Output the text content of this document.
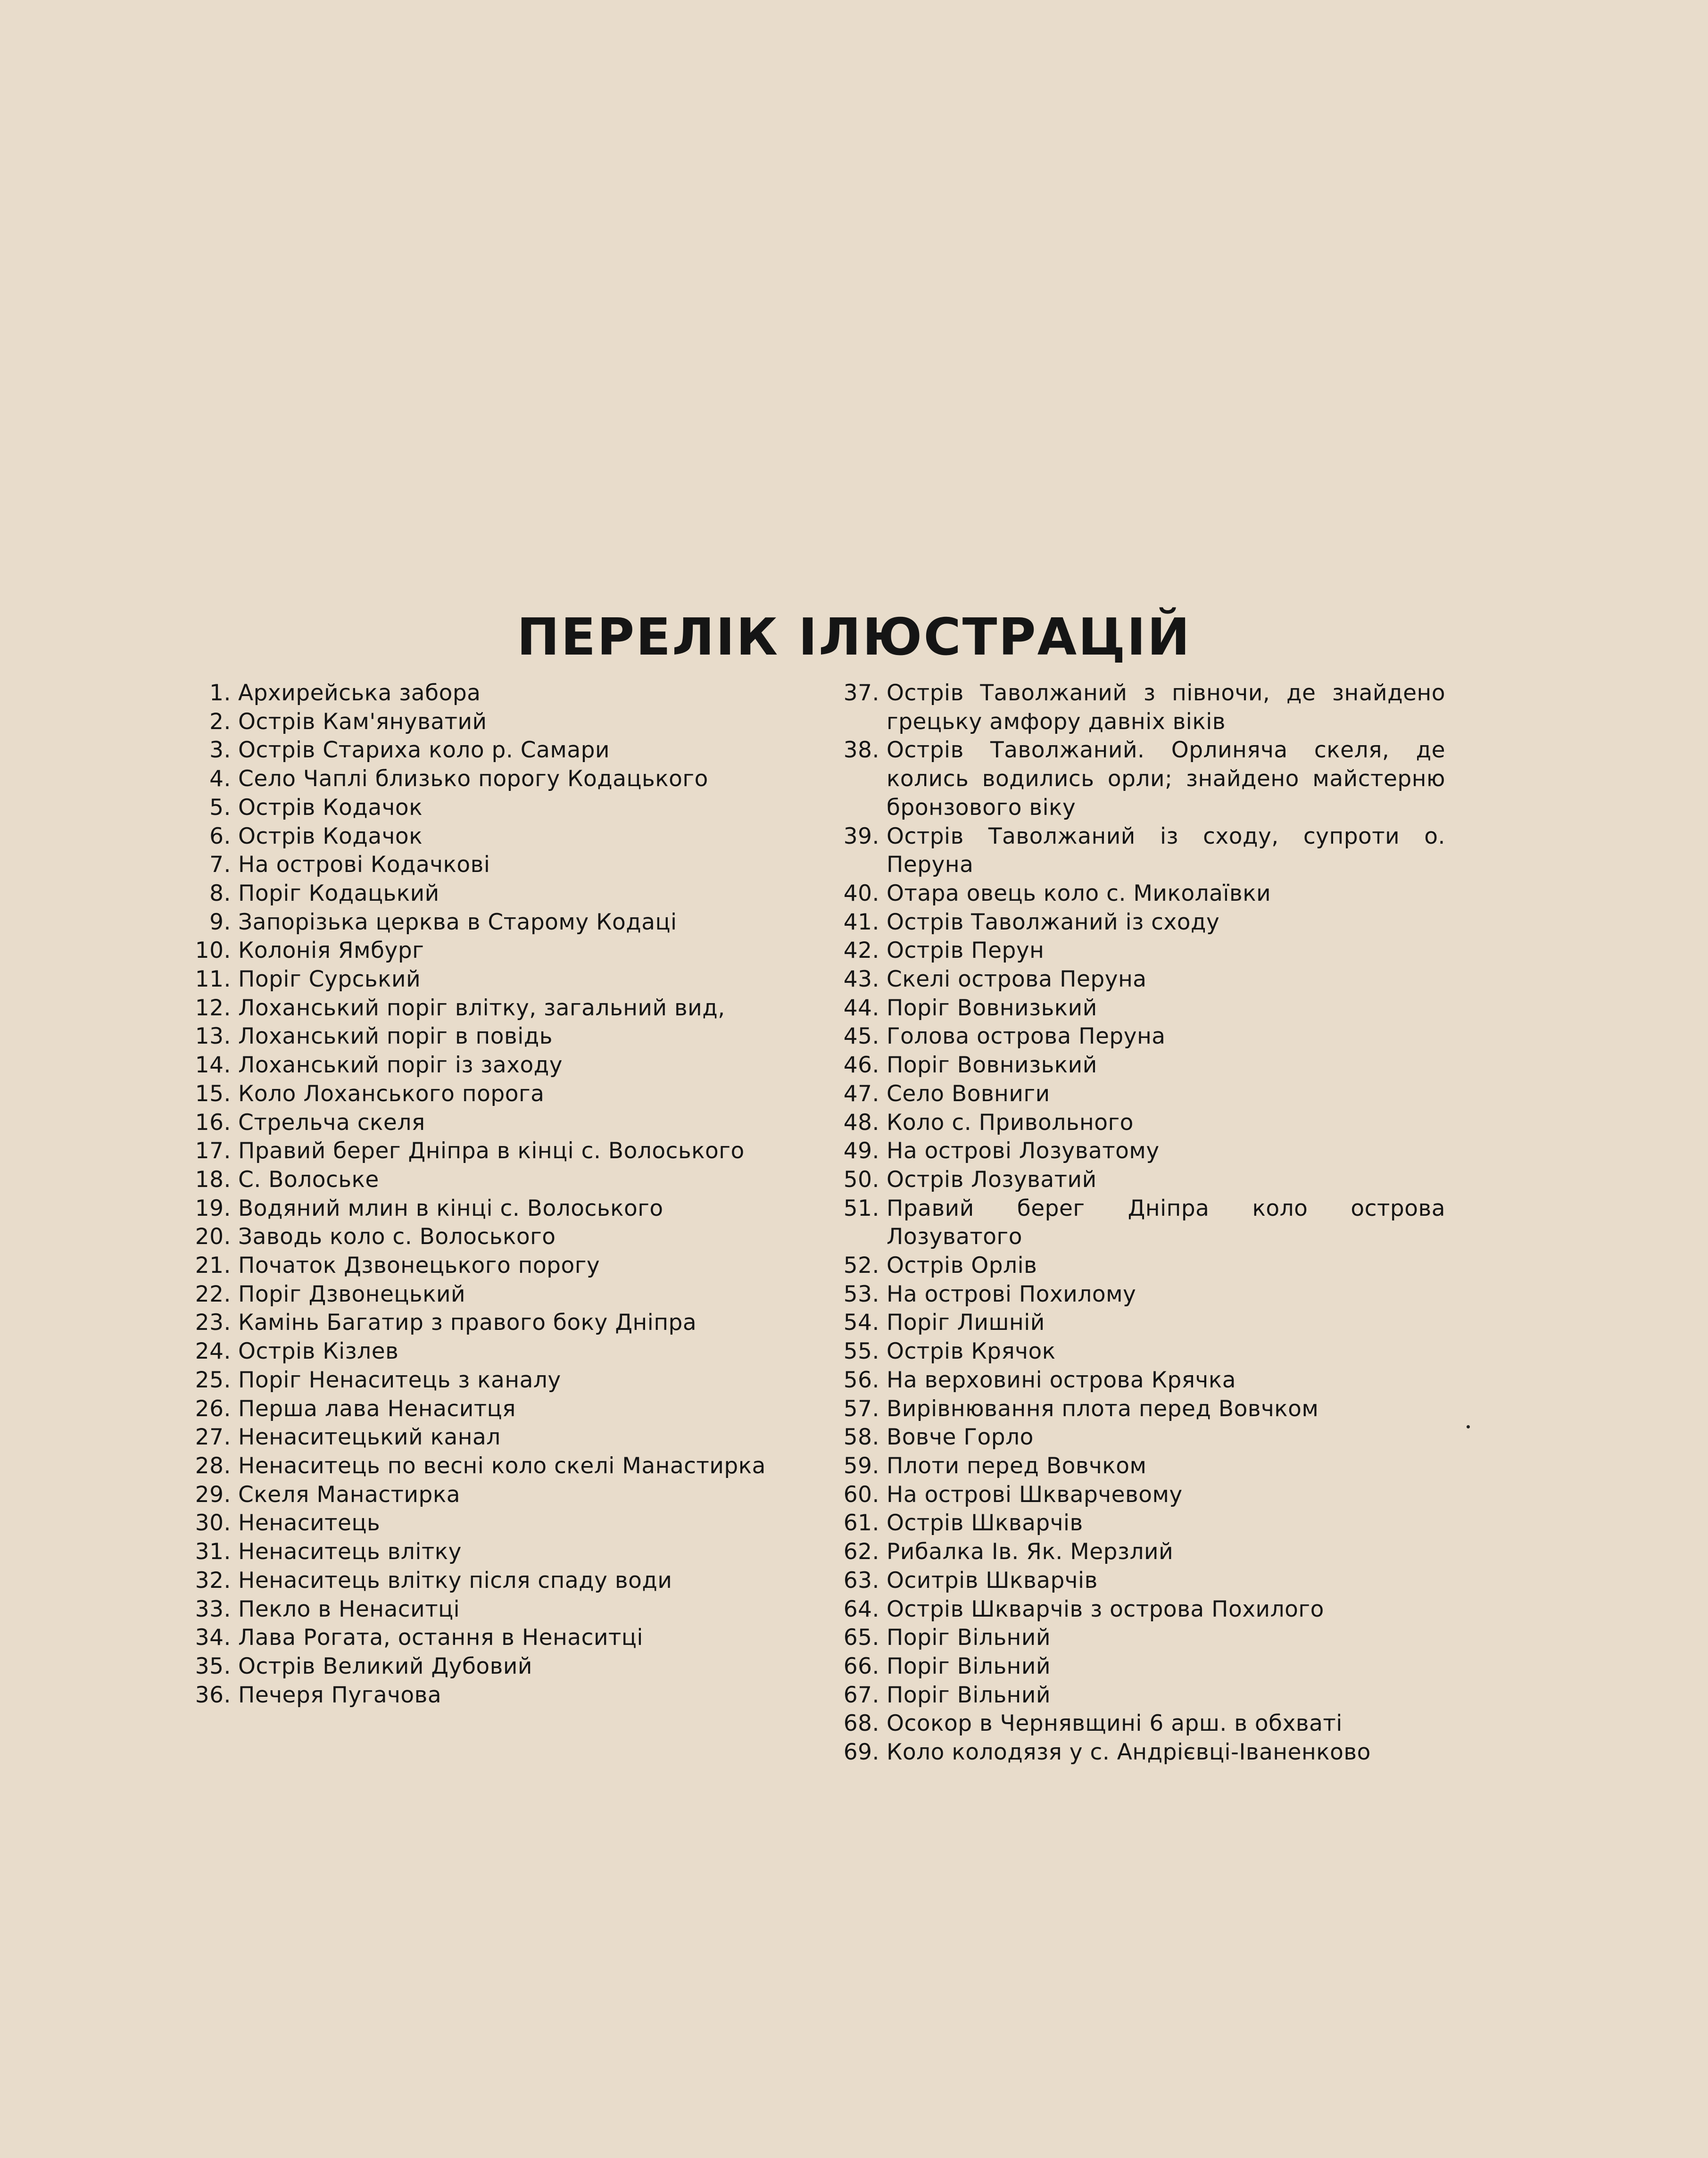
ПЕРЕЛІК ІЛЮСТРАЦІЙ
1. Архирейська забора
2. Острів Кам'януватий
3. Острів Стариха коло р. Самари
4. Село Чаплі близько порогу Кодацького
5. Острів Кодачок
6. Острів Кодачок
7. На острові Кодачкові
8. Поріг Кодацький
9. Запорізька церква в Старому Кодаці
10. Колонія Ямбург
11. Поріг Сурський
12. Лоханський поріг влітку, загальний вид,
13. Лоханський поріг в повідь
14. Лоханський поріг із заходу
15. Коло Лоханського порога
16. Стрельча скеля
17. Правий берег Дніпра в кінці с. Волоського
18. С. Волоське
19. Водяний млин в кінці с. Волоського
20. Заводь коло с. Волоського
21. Початок Дзвонецького порогу
22. Поріг Дзвонецький
23. Камінь Багатир з правого боку Дніпра
24. Острів Кізлев
25. Поріг Ненаситець з каналу
26. Перша лава Ненаситця
27. Ненаситецький канал
28. Ненаситець по весні коло скелі Манастирка
29. Скеля Манастирка
30. Ненаситець
31. Ненаситець влітку
32. Ненаситець влітку після спаду води
33. Пекло в Ненаситці
34. Лава Рогата, остання в Ненаситці
35. Острів Великий Дубовий
36. Печеря Пугачова
37. Острів Таволжаний з півночи, де знайдено грецьку амфору давніх віків
38. Острів Таволжаний. Орлиняча скеля, де колись водились орли; знайдено майстерню бронзового віку
39. Острів Таволжаний із сходу, супроти о. Перуна
40. Отара овець коло с. Миколаївки
41. Острів Таволжаний із сходу
42. Острів Перун
43. Скелі острова Перуна
44. Поріг Вовнизький
45. Голова острова Перуна
46. Поріг Вовнизький
47. Село Вовниги
48. Коло с. Привольного
49. На острові Лозуватому
50. Острів Лозуватий
51. Правий берег Дніпра коло острова Лозуватого
52. Острів Орлів
53. На острові Похилому
54. Поріг Лишній
55. Острів Крячок
56. На верховині острова Крячка
57. Вирівнювання плота перед Вовчком
58. Вовче Горло
59. Плоти перед Вовчком
60. На острові Шкварчевому
61. Острів Шкварчів
62. Рибалка Ів. Як. Мерзлий
63. Оситрів Шкварчів
64. Острів Шкварчів з острова Похилого
65. Поріг Вільний
66. Поріг Вільний
67. Поріг Вільний
68. Осокор в Чернявщині 6 арш. в обхваті
69. Коло колодязя у с. Андрієвці-Іваненково
